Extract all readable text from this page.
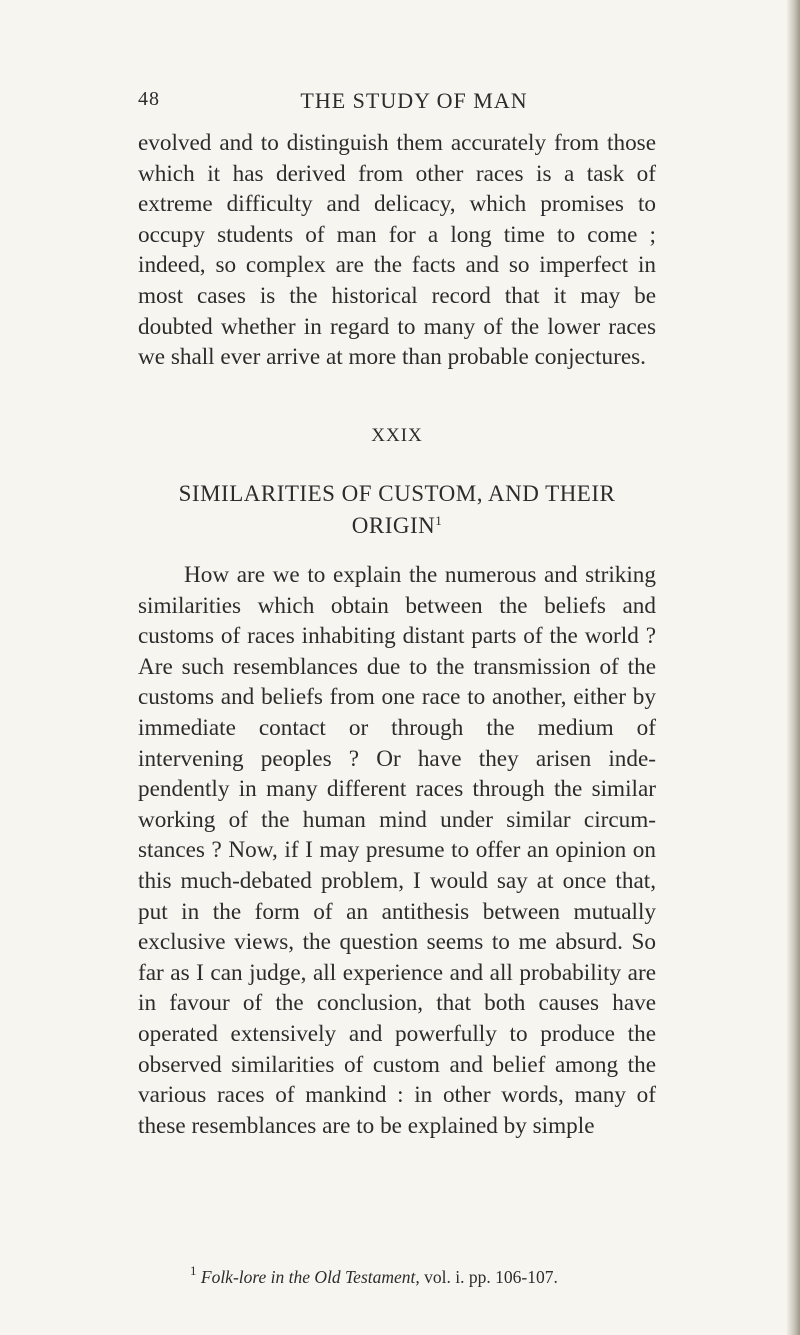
48	THE STUDY OF MAN

evolved and to distinguish them accurately from those which it has derived from other races is a task of extreme difficulty and delicacy, which promises to occupy students of man for a long time to come ; indeed, so complex are the facts and so imperfect in most cases is the historical record that it may be doubted whether in regard to many of the lower races we shall ever arrive at more than probable conjectures.

XXIX
SIMILARITIES OF CUSTOM, AND THEIR ORIGIN$^1$

How are we to explain the numerous and striking similarities which obtain between the beliefs and customs of races inhabiting distant parts of the world ? Are such resemblances due to the transmission of the customs and beliefs from one race to another, either by immediate contact or through the medium of intervening peoples ? Or have they arisen inde- pendently in many different races through the similar working of the human mind under similar circum- stances ? Now, if I may presume to offer an opinion on this much-debated problem, I would say at once that, put in the form of an antithesis between mutually exclusive views, the question seems to me absurd. So far as I can judge, all experience and all probability are in favour of the conclusion, that both causes have operated extensively and powerfully to produce the observed similarities of custom and belief among the various races of mankind : in other words, many of these resemblances are to be explained by simple

$^1$ Folk-lore in the Old Testament, vol. i. pp. 106-107.
